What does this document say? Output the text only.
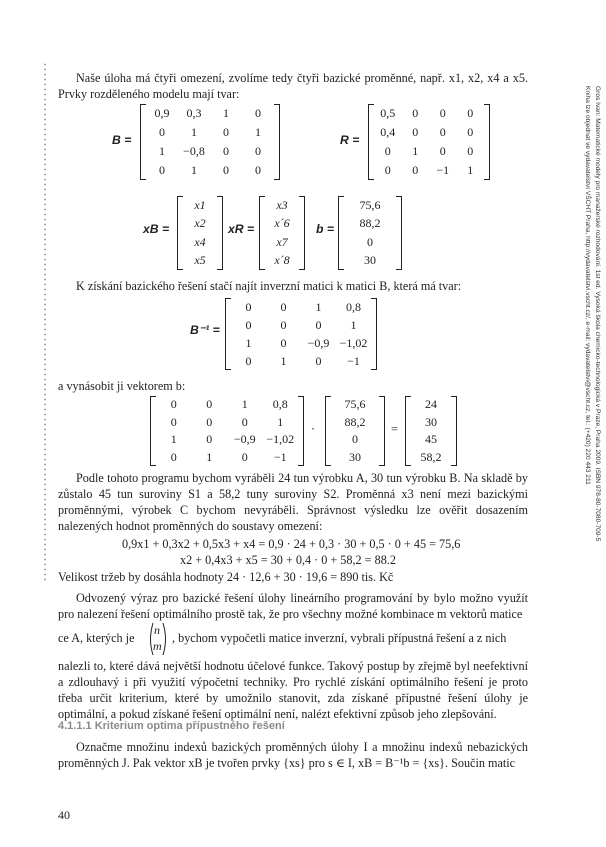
Naše úloha má čtyři omezení, zvolíme tedy čtyři bazické proměnné, např. x1, x2, x4 a x5. Prvky rozděleného modelu mají tvar:

B =
0,9 0,3 1 0
0 1 0 1
1 −0,8 0 0
0 1 0 0
R =
0,5 0 0 0
0,4 0 0 0
0 1 0 0
0 0 −1 1
xB =
x1
x2
x4
x5
xR =
x3
x´6
x7
x´8
b =
75,6
88,2
0
30

K získání bazického řešení stačí najít inverzní matici k matici B, která má tvar:

B⁻¹ =
0 0 1 0,8
0 0 0 1
1 0 −0,9 −1,02
0 1 0 −1

a vynásobit ji vektorem b:

0 0 1 0,8
0 0 0 1
1 0 −0,9 −1,02
0 1 0 −1
·
75,6
88,2
0
30
=
24
30
45
58,2

Podle tohoto programu bychom vyráběli 24 tun výrobku A, 30 tun výrobku B. Na skladě by zůstalo 45 tun suroviny S1 a 58,2 tuny suroviny S2. Proměnná x3 není mezi bazickými proměnnými, výrobek C bychom nevyráběli. Správnost výsledku lze ověřit dosazením nalezených hodnot proměnných do soustavy omezení:

0,9x1 + 0,3x2 + 0,5x3 + x4 = 0,9 · 24 + 0,3 · 30 + 0,5 · 0 + 45 = 75,6
x2 + 0,4x3 + x5 = 30 + 0,4 · 0 + 58,2 = 88.2

Velikost tržeb by dosáhla hodnoty 24 · 12,6 + 30 · 19,6 = 890 tis. Kč

Odvozený výraz pro bazické řešení úlohy lineárního programování by bylo možno využít pro nalezení řešení optimálního prostě tak, že pro všechny možné kombinace m vektorů matice

ce A, kterých je
n
m
, bychom vypočetli matice inverzní, vybrali přípustná řešení a z nich

nalezli to, které dává největší hodnotu účelové funkce. Takový postup by zřejmě byl neefektivní a zdlouhavý i při využití výpočetní techniky. Pro rychlé získání optimálního řešení je proto třeba určit kriterium, které by umožnilo stanovit, zda získané přípustné řešení úlohy je optimální, a pokud získané řešení optimální není, nalézt efektivní způsob jeho zlepšování.

4.1.1.1 Kriterium optima přípustného řešení

Označme množinu indexů bazických proměnných úlohy I a množinu indexů nebazických proměnných J. Pak vektor xB je tvořen prvky {xs} pro s ∈ I, xB = B⁻¹b = {xs}. Součin matic

40
Gros Ivan: Matematické modely pro manažerské rozhodování. 1st ed. Vysoká škola chemicko-technologická v Praze, Praha 2009. ISBN 978-80-7080-709-5
Kniha lze objednat ve vydavatelství VŠCHT Praha, http://vydavatelstvi.vscht.cz/, e-mail: vydavatelstvi@vscht.cz, tel.: (+420) 220 443 211
